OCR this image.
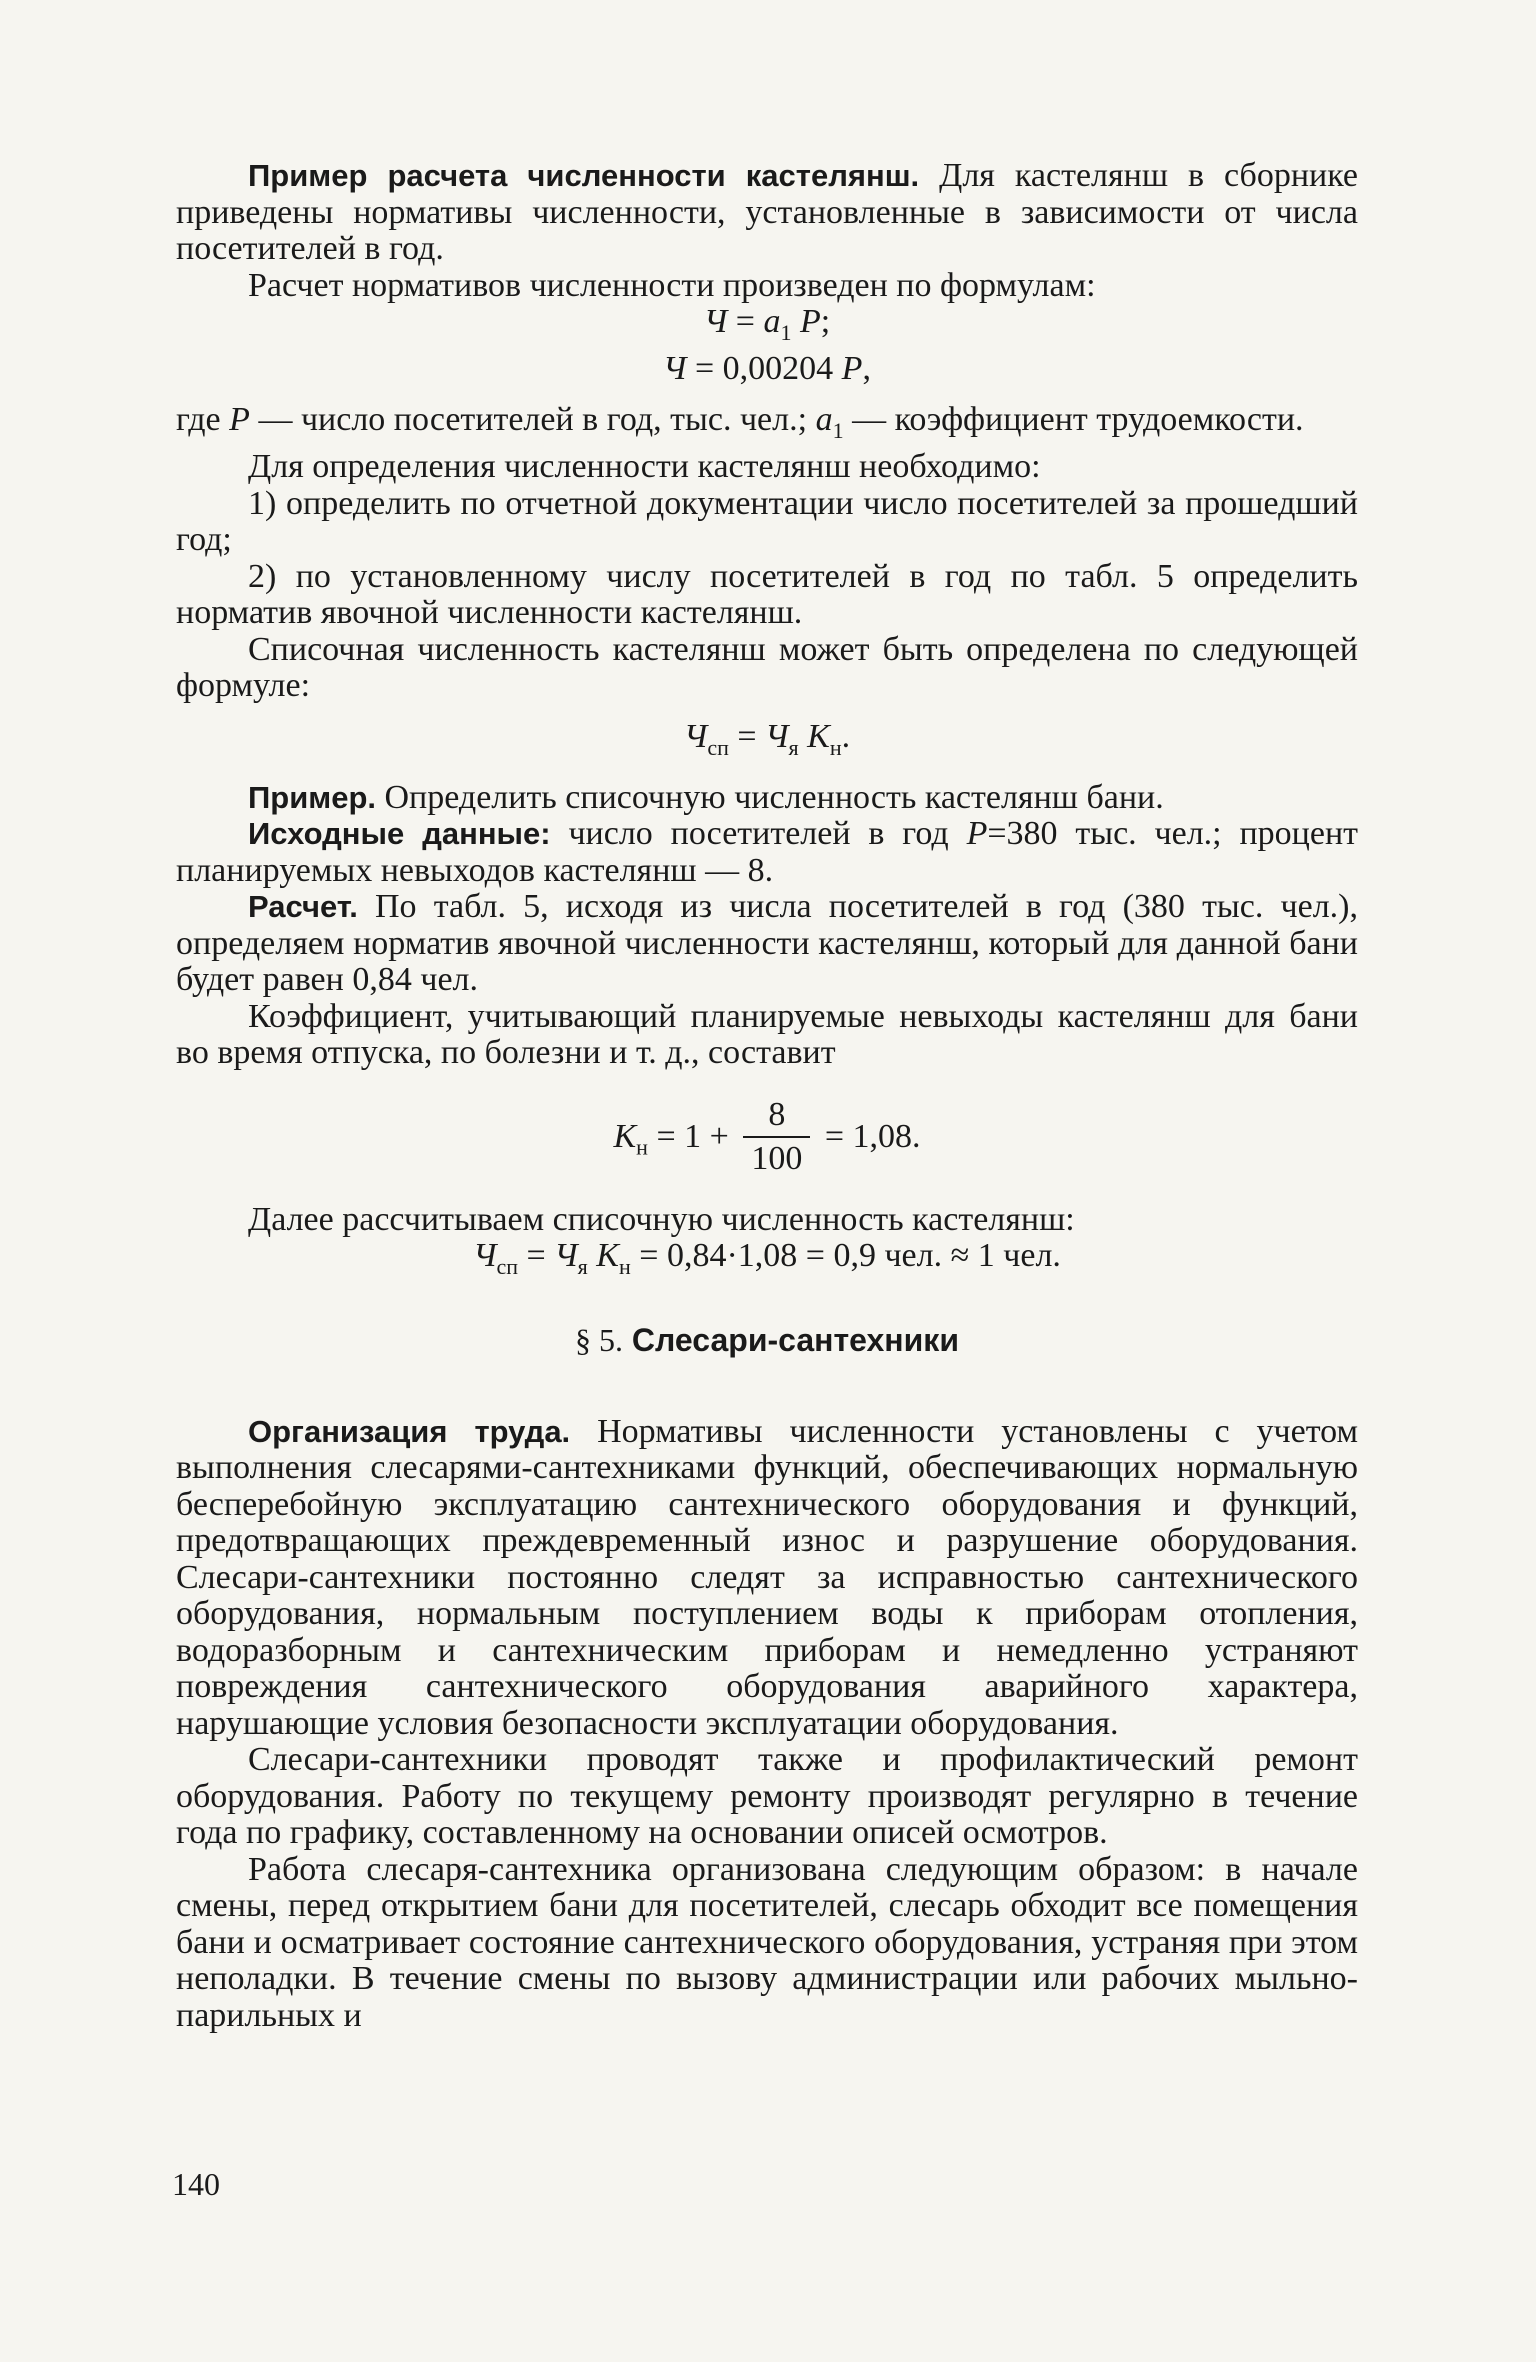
Пример расчета численности кастелянш. Для кастелянш в сборнике приведены нормативы численности, установленные в зависимости от числа посетителей в год.

Расчет нормативов численности произведен по формулам:

$Ч = a_1$ P;

Ч = 0,00204 P,

где P — число посетителей в год, тыс. чел.; $a_1$ — коэффициент трудоемкости.

Для определения численности кастелянш необходимо:

1) определить по отчетной документации число посетителей за прошедший год;

2) по установленному числу посетителей в год по табл. 5 определить норматив явочной численности кастелянш.

Списочная численность кастелянш может быть определена по следующей формуле:

$Ч_{сп} = Ч_я$ $K_н$.

Пример. Определить списочную численность кастелянш бани.

Исходные данные: число посетителей в год P=380 тыс. чел.; процент планируемых невыходов кастелянш — 8.

Расчет. По табл. 5, исходя из числа посетителей в год (380 тыс. чел.), определяем норматив явочной численности кастелянш, который для данной бани будет равен 0,84 чел.

Коэффициент, учитывающий планируемые невыходы кастелянш для бани во время отпуска, по болезни и т. д., составит

$K_н = 1 + \frac{8}{100} = 1,08$.

Далее рассчитываем списочную численность кастелянш:

$Ч_{сп} = Ч_я$ $K_н = 0,84\cdot 1,08 = 0,9$ чел. ≈ 1 чел.

§ 5. Слесари-сантехники

Организация труда. Нормативы численности установлены с учетом выполнения слесарями-сантехниками функций, обеспечивающих нормальную бесперебойную эксплуатацию сантехнического оборудования и функций, предотвращающих преждевременный износ и разрушение оборудования. Слесари-сантехники постоянно следят за исправностью сантехнического оборудования, нормальным поступлением воды к приборам отопления, водоразборным и сантехническим приборам и немедленно устраняют повреждения сантехнического оборудования аварийного характера, нарушающие условия безопасности эксплуатации оборудования.

Слесари-сантехники проводят также и профилактический ремонт оборудования. Работу по текущему ремонту производят регулярно в течение года по графику, составленному на основании описей осмотров.

Работа слесаря-сантехника организована следующим образом: в начале смены, перед открытием бани для посетителей, слесарь обходит все помещения бани и осматривает состояние сантехнического оборудования, устраняя при этом неполадки. В течение смены по вызову администрации или рабочих мыльно-парильных и

140
